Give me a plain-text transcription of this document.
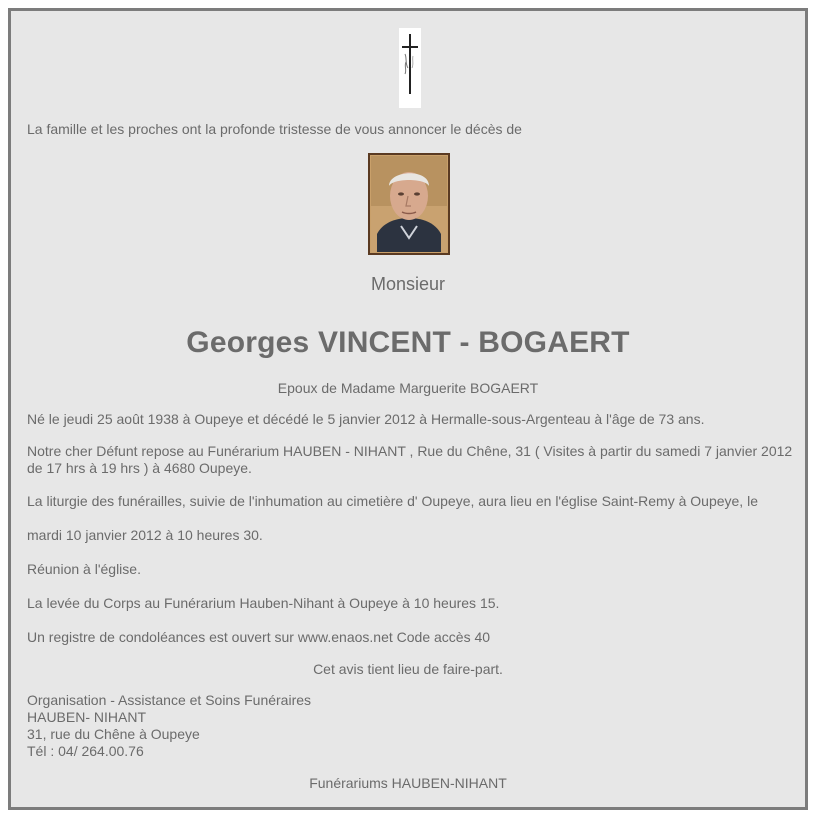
La famille et les proches ont la profonde tristesse de vous annoncer le décès de
Monsieur
Georges VINCENT - BOGAERT
Epoux de Madame Marguerite BOGAERT
Né le jeudi 25 août 1938 à Oupeye et décédé le 5 janvier 2012 à Hermalle-sous-Argenteau à l'âge de 73 ans.
Notre cher Défunt repose au Funérarium HAUBEN - NIHANT , Rue du Chêne, 31 ( Visites à partir du samedi 7 janvier 2012 de 17 hrs à 19 hrs ) à 4680 Oupeye.
La liturgie des funérailles, suivie de l'inhumation au cimetière d' Oupeye, aura lieu en l'église Saint-Remy à Oupeye, le
mardi 10 janvier 2012 à 10 heures 30.
Réunion à l'église.
La levée du Corps au Funérarium Hauben-Nihant à Oupeye à 10 heures 15.
Un registre de condoléances est ouvert sur www.enaos.net Code accès 40
Cet avis tient lieu de faire-part.
Organisation - Assistance et Soins Funéraires
HAUBEN- NIHANT
31, rue du Chêne à Oupeye
Tél : 04/ 264.00.76
Funérariums HAUBEN-NIHANT
